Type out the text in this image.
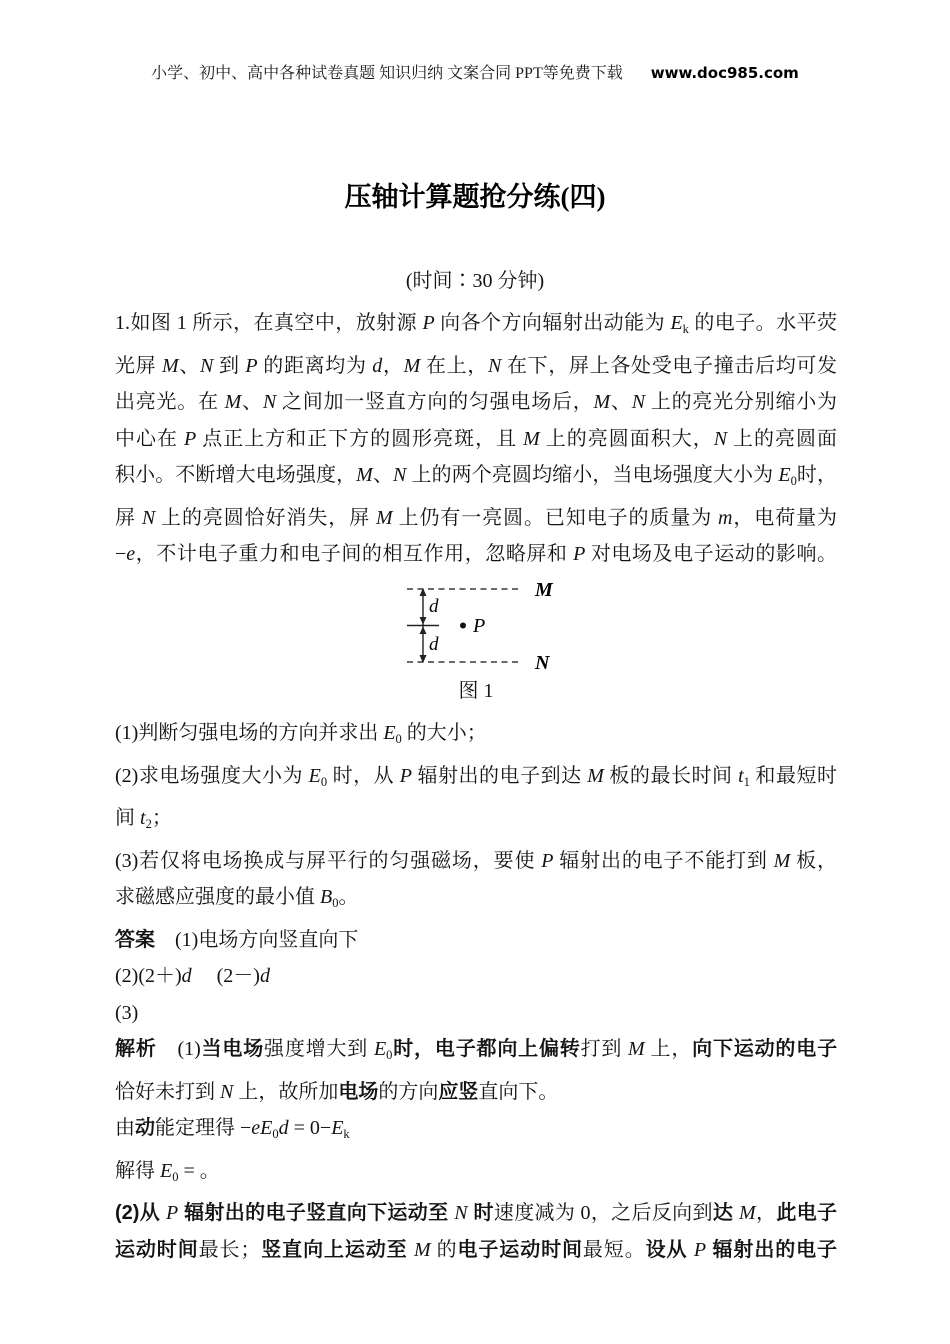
小学、初中、高中各种试卷真题 知识归纳 文案合同 PPT等免费下载 www.doc985.com
压轴计算题抢分练(四)
(时间∶30 分钟)
1.如图 1 所示，在真空中，放射源 P 向各个方向辐射出动能为 $E_k$ 的电子。水平荧
光屏 M、N 到 P 的距离均为 d，M 在上，N 在下，屏上各处受电子撞击后均可发
出亮光。在 M、N 之间加一竖直方向的匀强电场后，M、N 上的亮光分别缩小为
中心在 P 点正上方和正下方的圆形亮斑，且 M 上的亮圆面积大，N 上的亮圆面
积小。不断增大电场强度，M、N 上的两个亮圆均缩小，当电场强度大小为 $E_0$时，
屏 N 上的亮圆恰好消失，屏 M 上仍有一亮圆。已知电子的质量为 m，电荷量为
−e，不计电子重力和电子间的相互作用，忽略屏和 P 对电场及电子运动的影响。
P
M
N
d
d
图 1
(1)判断匀强电场的方向并求出 $E_0$ 的大小；
(2)求电场强度大小为 $E_0$ 时，从 P 辐射出的电子到达 M 板的最长时间 $t_1$ 和最短时
间 $t_2$；
(3)若仅将电场换成与屏平行的匀强磁场，要使 P 辐射出的电子不能打到 M 板，
求磁感应强度的最小值 $B_0$。
答案　 (1)电场方向竖直向下
(2)(2＋)d　 (2－)d
(3)
解析　(1)当电场强度增大到 $E_0$时，电子都向上偏转打到 M 上，向下运动的电子
恰好未打到 N 上，故所加电场的方向应竖直向下。
由动能定理得 $-eE_0d = 0-E_k$
解得 $E_0$ = 。
(2)从 P 辐射出的电子竖直向下运动至 N 时速度减为 0，之后反向到达 M，此电子
运动时间最长；竖直向上运动至 M 的电子运动时间最短。设从 P 辐射出的电子
